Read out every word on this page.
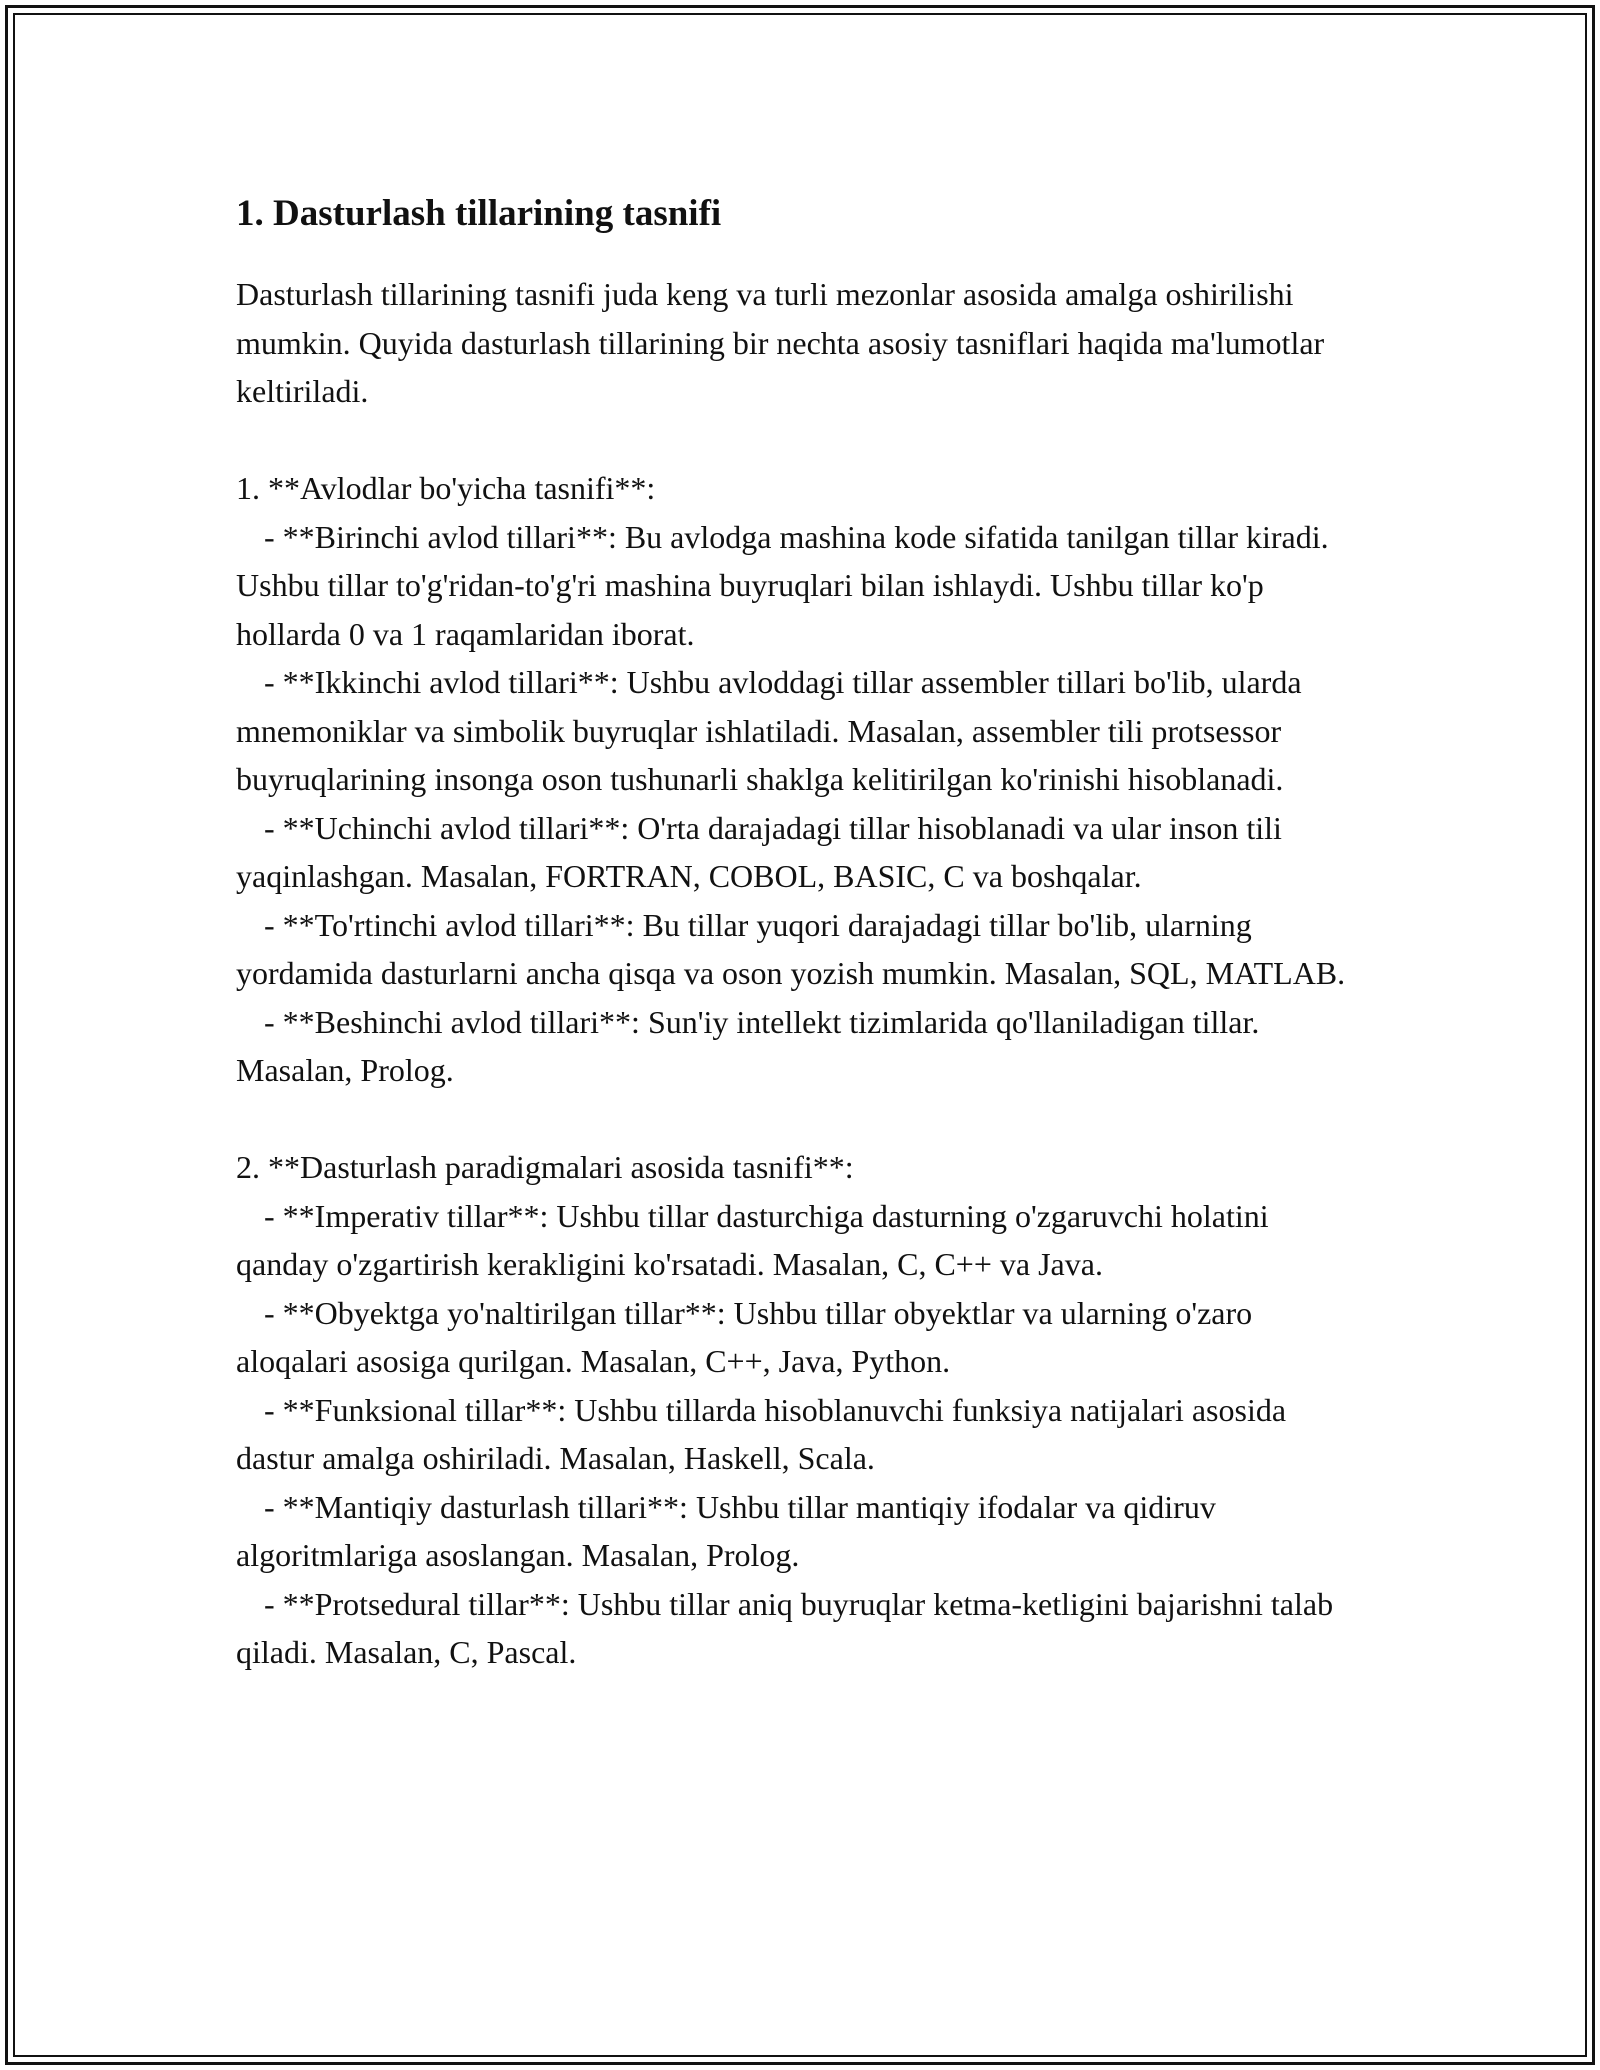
1. Dasturlash tillarining tasnifi

Dasturlash tillarining tasnifi juda keng va turli mezonlar asosida amalga oshirilishi mumkin. Quyida dasturlash tillarining bir nechta asosiy tasniflari haqida ma'lumotlar keltiriladi.

1. **Avlodlar bo'yicha tasnifi**:

- **Birinchi avlod tillari**: Bu avlodga mashina kode sifatida tanilgan tillar kiradi. Ushbu tillar to'g'ridan-to'g'ri mashina buyruqlari bilan ishlaydi. Ushbu tillar ko'p hollarda 0 va 1 raqamlaridan iborat.

- **Ikkinchi avlod tillari**: Ushbu avloddagi tillar assembler tillari bo'lib, ularda mnemoniklar va simbolik buyruqlar ishlatiladi. Masalan, assembler tili protsessor buyruqlarining insonga oson tushunarli shaklga kelitirilgan ko'rinishi hisoblanadi.

- **Uchinchi avlod tillari**: O'rta darajadagi tillar hisoblanadi va ular inson tili yaqinlashgan. Masalan, FORTRAN, COBOL, BASIC, C va boshqalar.

- **To'rtinchi avlod tillari**: Bu tillar yuqori darajadagi tillar bo'lib, ularning yordamida dasturlarni ancha qisqa va oson yozish mumkin. Masalan, SQL, MATLAB.

- **Beshinchi avlod tillari**: Sun'iy intellekt tizimlarida qo'llaniladigan tillar. Masalan, Prolog.

2. **Dasturlash paradigmalari asosida tasnifi**:

- **Imperativ tillar**: Ushbu tillar dasturchiga dasturning o'zgaruvchi holatini qanday o'zgartirish kerakligini ko'rsatadi. Masalan, C, C++ va Java.

- **Obyektga yo'naltirilgan tillar**: Ushbu tillar obyektlar va ularning o'zaro aloqalari asosiga qurilgan. Masalan, C++, Java, Python.

- **Funksional tillar**: Ushbu tillarda hisoblanuvchi funksiya natijalari asosida dastur amalga oshiriladi. Masalan, Haskell, Scala.

- **Mantiqiy dasturlash tillari**: Ushbu tillar mantiqiy ifodalar va qidiruv algoritmlariga asoslangan. Masalan, Prolog.

- **Protsedural tillar**: Ushbu tillar aniq buyruqlar ketma-ketligini bajarishni talab qiladi. Masalan, C, Pascal.
